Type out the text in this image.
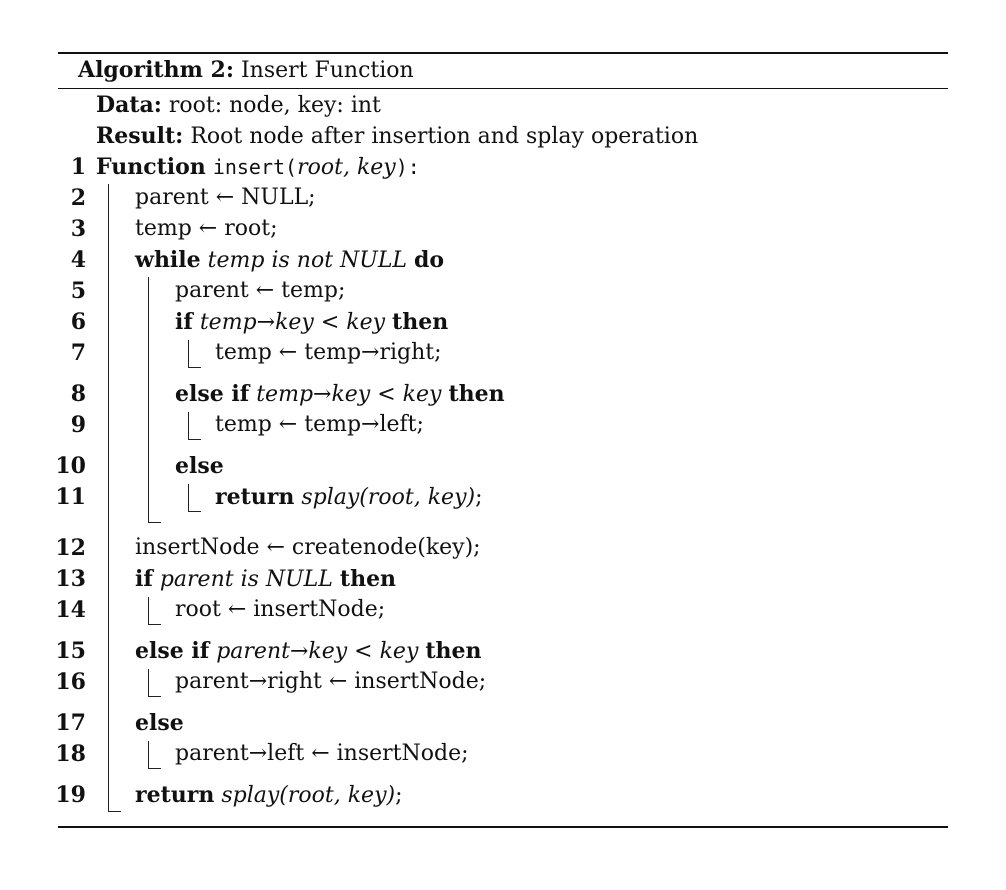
Algorithm 2: Insert Function
Data: root: node, key: int
Result: Root node after insertion and splay operation
1
2
3
4
5
6
7
8
9
10
11
12
13
14
15
16
17
18
19
Function insert(root, key):
parent ← NULL;
temp ← root;
while temp is not NULL do
parent ← temp;
if temp→key < key then
temp ← temp→right;
else if temp→key < key then
temp ← temp→left;
else
return splay(root, key);
insertNode ← createnode(key);
if parent is NULL then
root ← insertNode;
else if parent→key < key then
parent→right ← insertNode;
else
parent→left ← insertNode;
return splay(root, key);
